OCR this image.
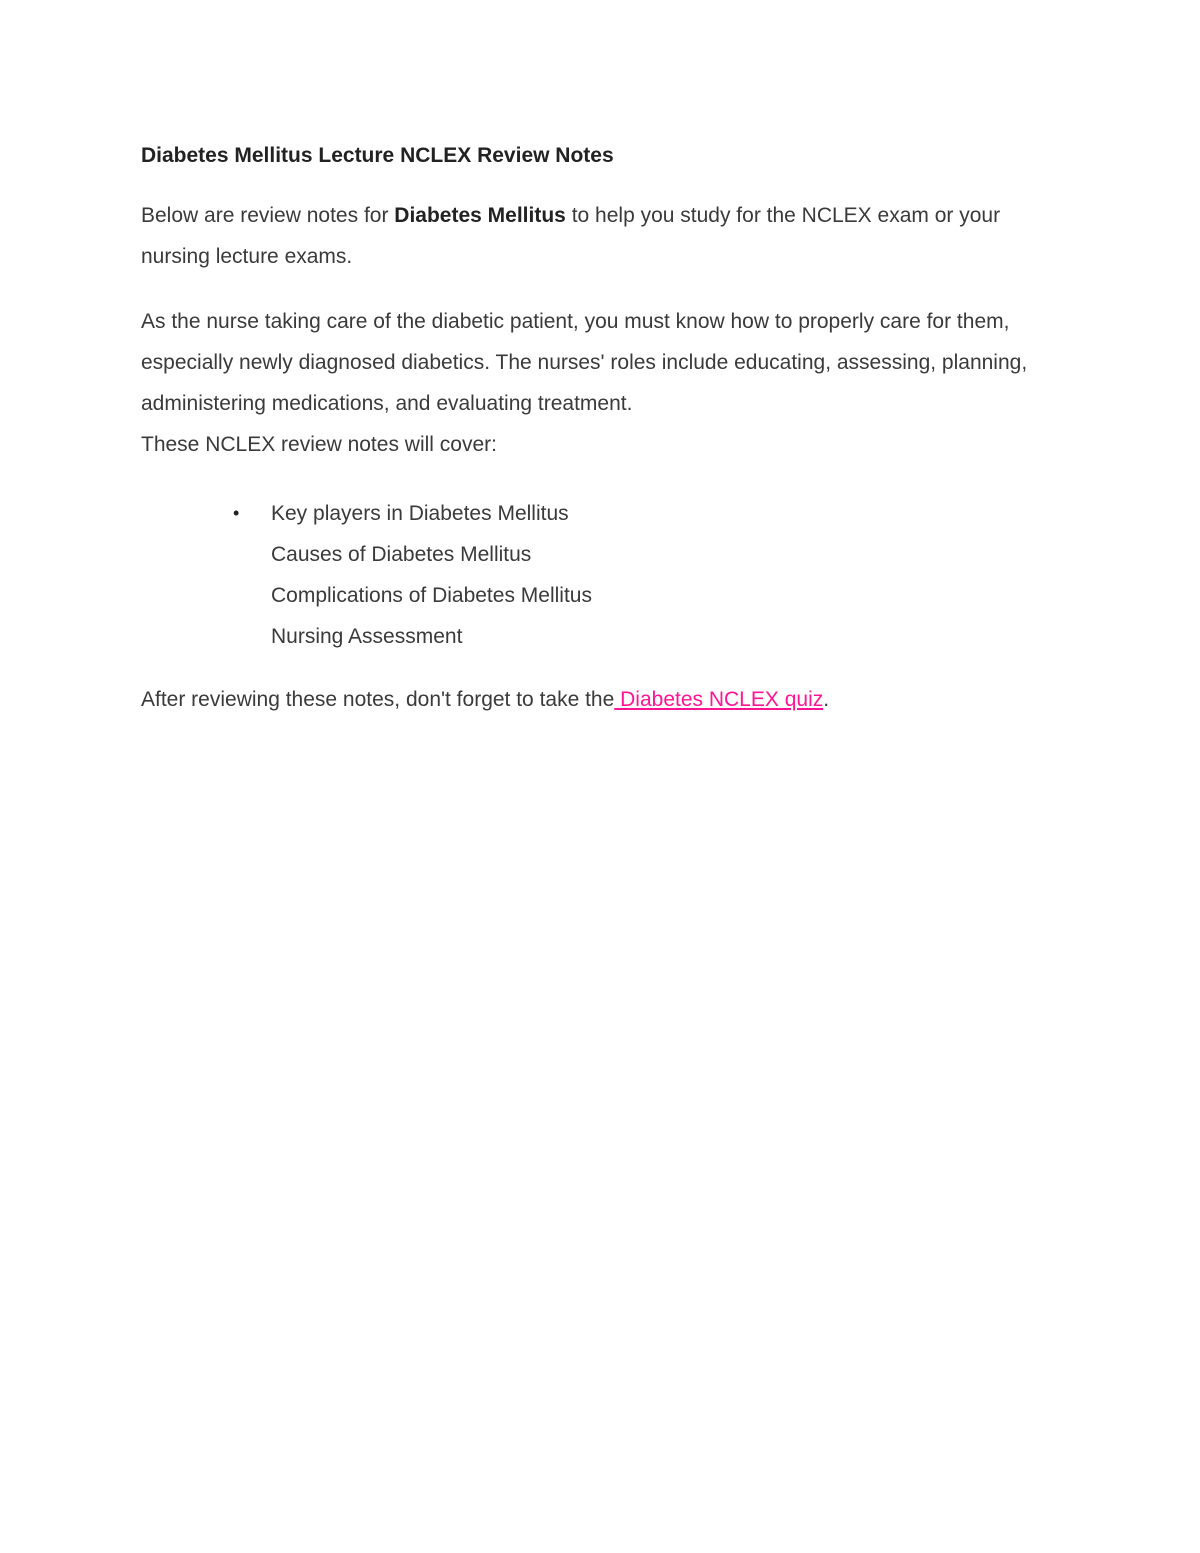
Diabetes Mellitus Lecture NCLEX Review Notes

Below are review notes for Diabetes Mellitus to help you study for the NCLEX exam or your nursing lecture exams.

As the nurse taking care of the diabetic patient, you must know how to properly care for them, especially newly diagnosed diabetics. The nurses' roles include educating, assessing, planning, administering medications, and evaluating treatment.

These NCLEX review notes will cover:

• Key players in Diabetes Mellitus
Causes of Diabetes Mellitus
Complications of Diabetes Mellitus
Nursing Assessment

After reviewing these notes, don't forget to take the Diabetes NCLEX quiz.
